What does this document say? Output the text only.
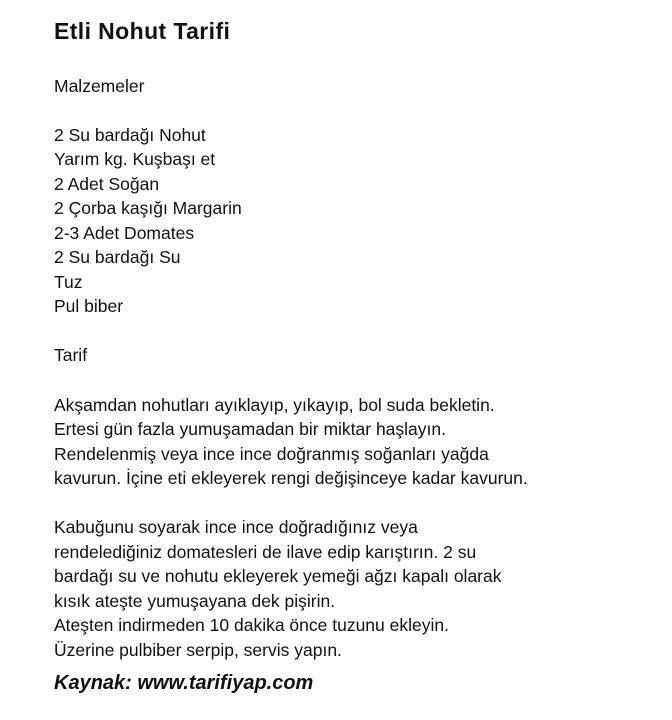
Etli Nohut Tarifi

Malzemeler

2 Su bardağı Nohut

Yarım kg. Kuşbaşı et

2 Adet Soğan

2 Çorba kaşığı Margarin

2-3 Adet Domates

2 Su bardağı Su

Tuz

Pul biber

Tarif

Akşamdan nohutları ayıklayıp, yıkayıp, bol suda bekletin.

Ertesi gün fazla yumuşamadan bir miktar haşlayın.

Rendelenmiş veya ince ince doğranmış soğanları yağda

kavurun. İçine eti ekleyerek rengi değişinceye kadar kavurun.

Kabuğunu soyarak ince ince doğradığınız veya

rendelediğiniz domatesleri de ilave edip karıştırın. 2 su

bardağı su ve nohutu ekleyerek yemeği ağzı kapalı olarak

kısık ateşte yumuşayana dek pişirin.

Ateşten indirmeden 10 dakika önce tuzunu ekleyin.

Üzerine pulbiber serpip, servis yapın.

Kaynak: www.tarifiyap.com
